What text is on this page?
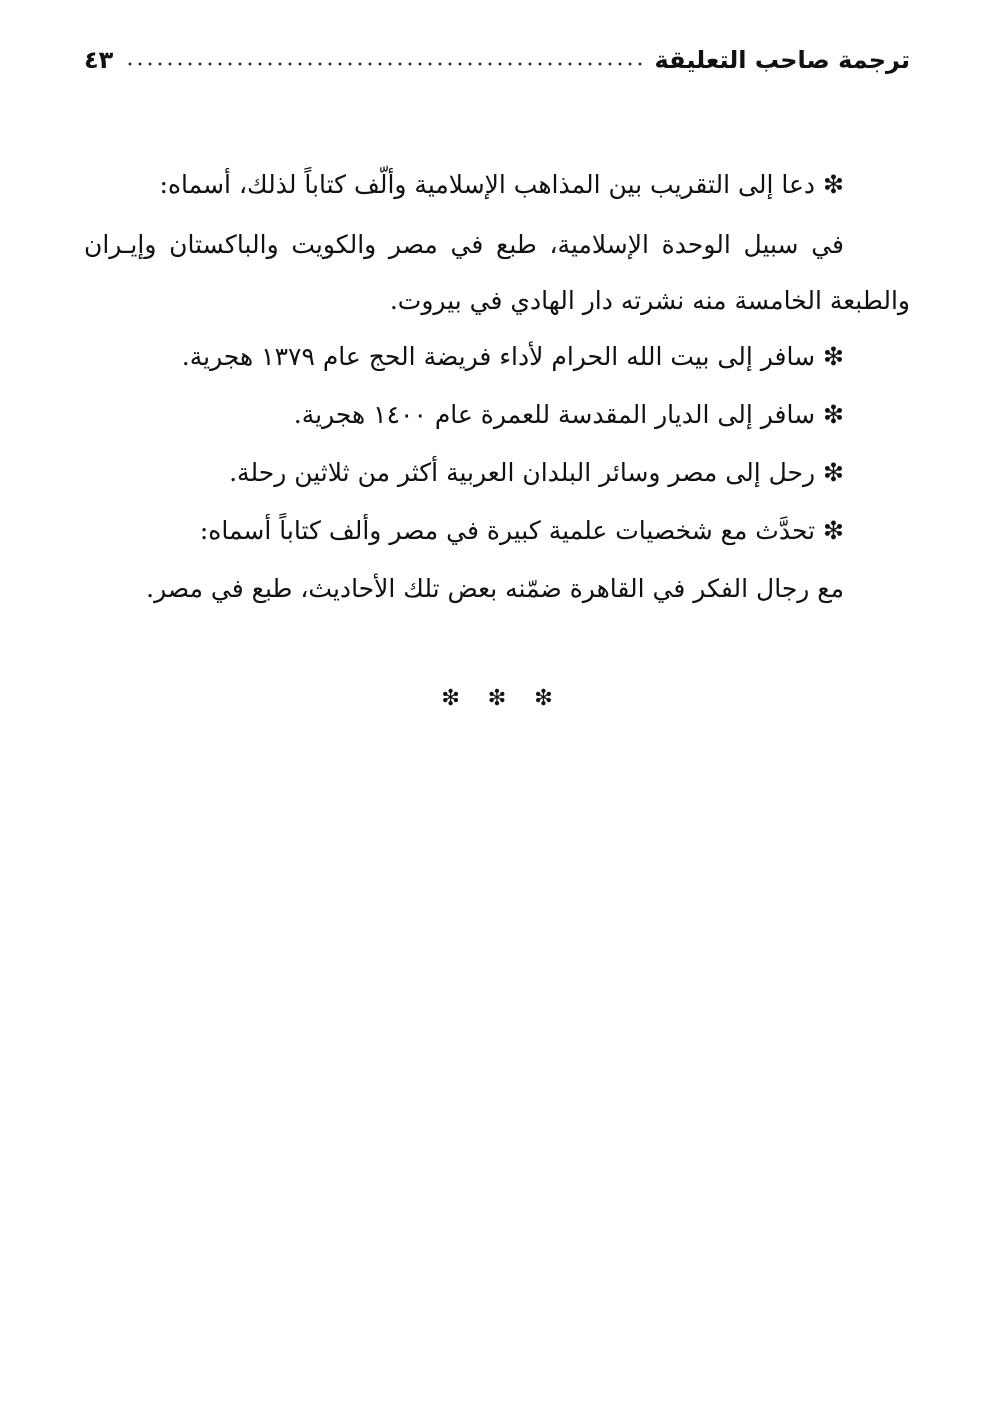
ترجمة صاحب التعليقة
٤٣
❇دعا إلى التقريب بين المذاهب الإسلامية وألّف كتاباً لذلك، أسماه:
في سبيل الوحدة الإسلامية، طبع في مصر والكويت والباكستان وإيـران
والطبعة الخامسة منه نشرته دار الهادي في بيروت.
❇سافر إلى بيت الله الحرام لأداء فريضة الحج عام ١٣٧٩ هجرية.
❇سافر إلى الديار المقدسة للعمرة عام ١٤٠٠ هجرية.
❇رحل إلى مصر وسائر البلدان العربية أكثر من ثلاثين رحلة.
❇تحدَّث مع شخصيات علمية كبيرة في مصر وألف كتاباً أسماه:
مع رجال الفكر في القاهرة ضمّنه بعض تلك الأحاديث، طبع في مصر.
❇ ❇ ❇
